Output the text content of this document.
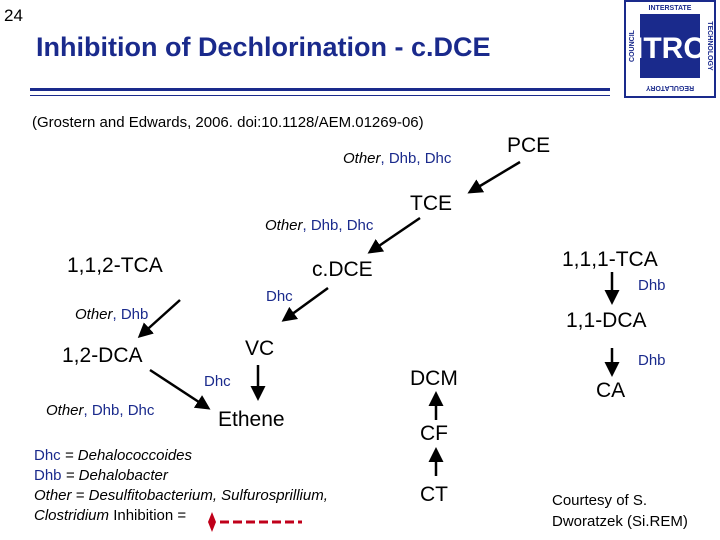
24
Inhibition of Dechlorination - c.DCE
(Grostern and Edwards, 2006. doi:10.1128/AEM.01269-06)
ITRC
INTERSTATE
REGULATORY
COUNCIL	TECHNOLOGY
PCE
TCE
c.DCE
VC
Ethene
1,1,2-TCA
1,2-DCA
1,1,1-TCA
1,1-DCA
CA
DCM
CF
CT
Other, Dhb, Dhc
Other, Dhb, Dhc
Dhc
Other, Dhb
Dhc
Other, Dhb, Dhc
Dhb
Dhb
Dhc = Dehalococcoides
Dhb = Dehalobacter
Other = Desulfitobacterium, Sulfurosprillium,
Clostridium Inhibition =
Courtesy of S.
Dworatzek (Si.REM)
